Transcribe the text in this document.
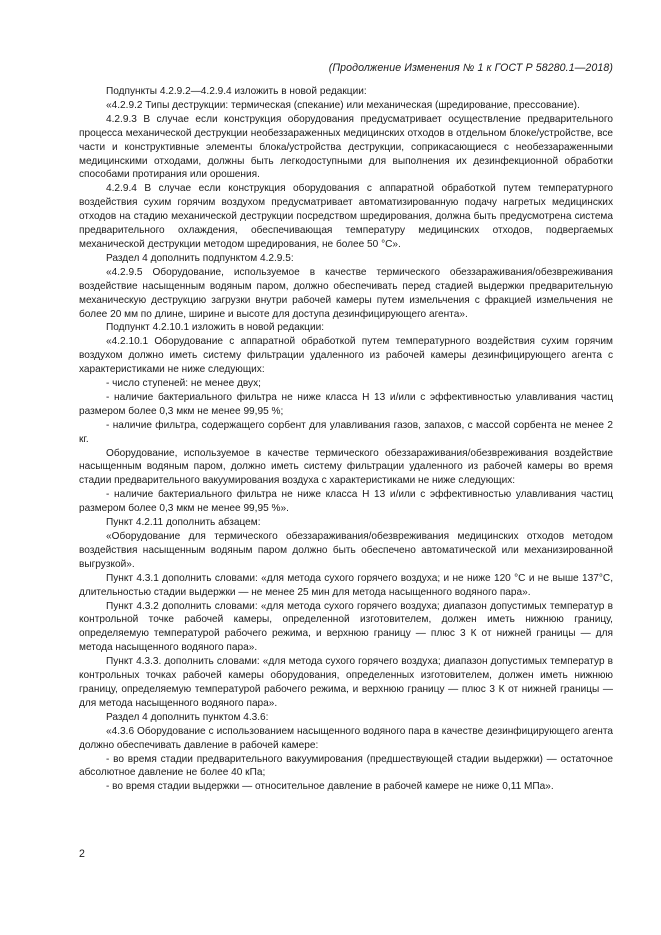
(Продолжение Изменения № 1 к ГОСТ Р 58280.1—2018)

Подпункты 4.2.9.2—4.2.9.4 изложить в новой редакции:

«4.2.9.2 Типы деструкции: термическая (спекание) или механическая (шредирование, прессование).

4.2.9.3 В случае если конструкция оборудования предусматривает осуществление предварительного процесса механической деструкции необеззараженных медицинских отходов в отдельном блоке/устройстве, все части и конструктивные элементы блока/устройства деструкции, соприкасающиеся с необеззараженными медицинскими отходами, должны быть легкодоступными для выполнения их дезинфекционной обработки способами протирания или орошения.

4.2.9.4 В случае если конструкция оборудования с аппаратной обработкой путем температурного воздействия сухим горячим воздухом предусматривает автоматизированную подачу нагретых медицинских отходов на стадию механической деструкции посредством шредирования, должна быть предусмотрена система предварительного охлаждения, обеспечивающая температуру медицинских отходов, подвергаемых механической деструкции методом шредирования, не более 50 °С».

Раздел 4 дополнить подпунктом 4.2.9.5:

«4.2.9.5 Оборудование, используемое в качестве термического обеззараживания/обезвреживания воздействие насыщенным водяным паром, должно обеспечивать перед стадией выдержки предварительную механическую деструкцию загрузки внутри рабочей камеры путем измельчения с фракцией измельчения не более 20 мм по длине, ширине и высоте для доступа дезинфицирующего агента».

Подпункт 4.2.10.1 изложить в новой редакции:

«4.2.10.1 Оборудование с аппаратной обработкой путем температурного воздействия сухим горячим воздухом должно иметь систему фильтрации удаленного из рабочей камеры дезинфицирующего агента с характеристиками не ниже следующих:

- число ступеней: не менее двух;

- наличие бактериального фильтра не ниже класса Н 13 и/или с эффективностью улавливания частиц размером более 0,3 мкм не менее 99,95 %;

- наличие фильтра, содержащего сорбент для улавливания газов, запахов, с массой сорбента не менее 2 кг.

Оборудование, используемое в качестве термического обеззараживания/обезвреживания воздействие насыщенным водяным паром, должно иметь систему фильтрации удаленного из рабочей камеры во время стадии предварительного вакуумирования воздуха с характеристиками не ниже следующих:

- наличие бактериального фильтра не ниже класса Н 13 и/или с эффективностью улавливания частиц размером более 0,3 мкм не менее 99,95 %».

Пункт 4.2.11 дополнить абзацем:

«Оборудование для термического обеззараживания/обезвреживания медицинских отходов методом воздействия насыщенным водяным паром должно быть обеспечено автоматической или механизированной выгрузкой».

Пункт 4.3.1 дополнить словами: «для метода сухого горячего воздуха; и не ниже 120 °С и не выше 137°С, длительностью стадии выдержки — не менее 25 мин для метода насыщенного водяного пара».

Пункт 4.3.2 дополнить словами: «для метода сухого горячего воздуха; диапазон допустимых температур в контрольной точке рабочей камеры, определенной изготовителем, должен иметь нижнюю границу, определяемую температурой рабочего режима, и верхнюю границу — плюс 3 К от нижней границы — для метода насыщенного водяного пара».

Пункт 4.3.3. дополнить словами: «для метода сухого горячего воздуха; диапазон допустимых температур в контрольных точках рабочей камеры оборудования, определенных изготовителем, должен иметь нижнюю границу, определяемую температурой рабочего режима, и верхнюю границу — плюс 3 К от нижней границы — для метода насыщенного водяного пара».

Раздел 4 дополнить пунктом 4.3.6:

«4.3.6 Оборудование с использованием насыщенного водяного пара в качестве дезинфицирующего агента должно обеспечивать давление в рабочей камере:

- во время стадии предварительного вакуумирования (предшествующей стадии выдержки) — остаточное абсолютное давление не более 40 кПа;

- во время стадии выдержки — относительное давление в рабочей камере не ниже 0,11 МПа».

2
